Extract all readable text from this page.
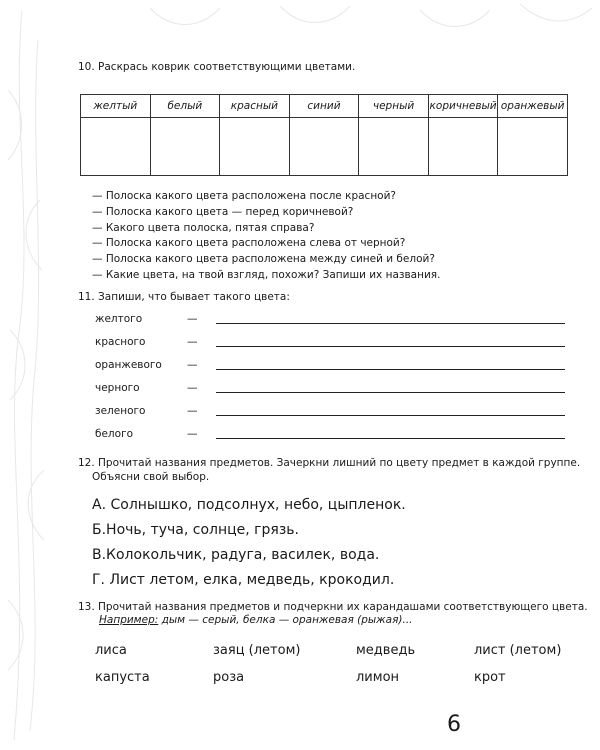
10. Раскрась коврик соответствующими цветами.
желтый	белый	красный	синий	черный	коричневый	оранжевый

— Полоска какого цвета расположена после красной?
— Полоска какого цвета — перед коричневой?
— Какого цвета полоска, пятая справа?
— Полоска какого цвета расположена слева от черной?
— Полоска какого цвета расположена между синей и белой?
— Какие цвета, на твой взгляд, похожи? Запиши их названия.
11. Запиши, что бывает такого цвета:
желтого	—
красного	—
оранжевого —
черного	—
зеленого	—
белого	—
12. Прочитай названия предметов. Зачеркни лишний по цвету предмет в каждой группе.
Объясни свой выбор.
А. Солнышко, подсолнух, небо, цыпленок.
Б.Ночь, туча, солнце, грязь.
В.Колокольчик, радуга, василек, вода.
Г. Лист летом, елка, медведь, крокодил.
13. Прочитай названия предметов и подчеркни их карандашами соответствующего цвета.
Например: дым — серый, белка — оранжевая (рыжая)...
лиса	заяц (летом)	медведь	лист (летом)
капуста	роза	лимон	крот
6
